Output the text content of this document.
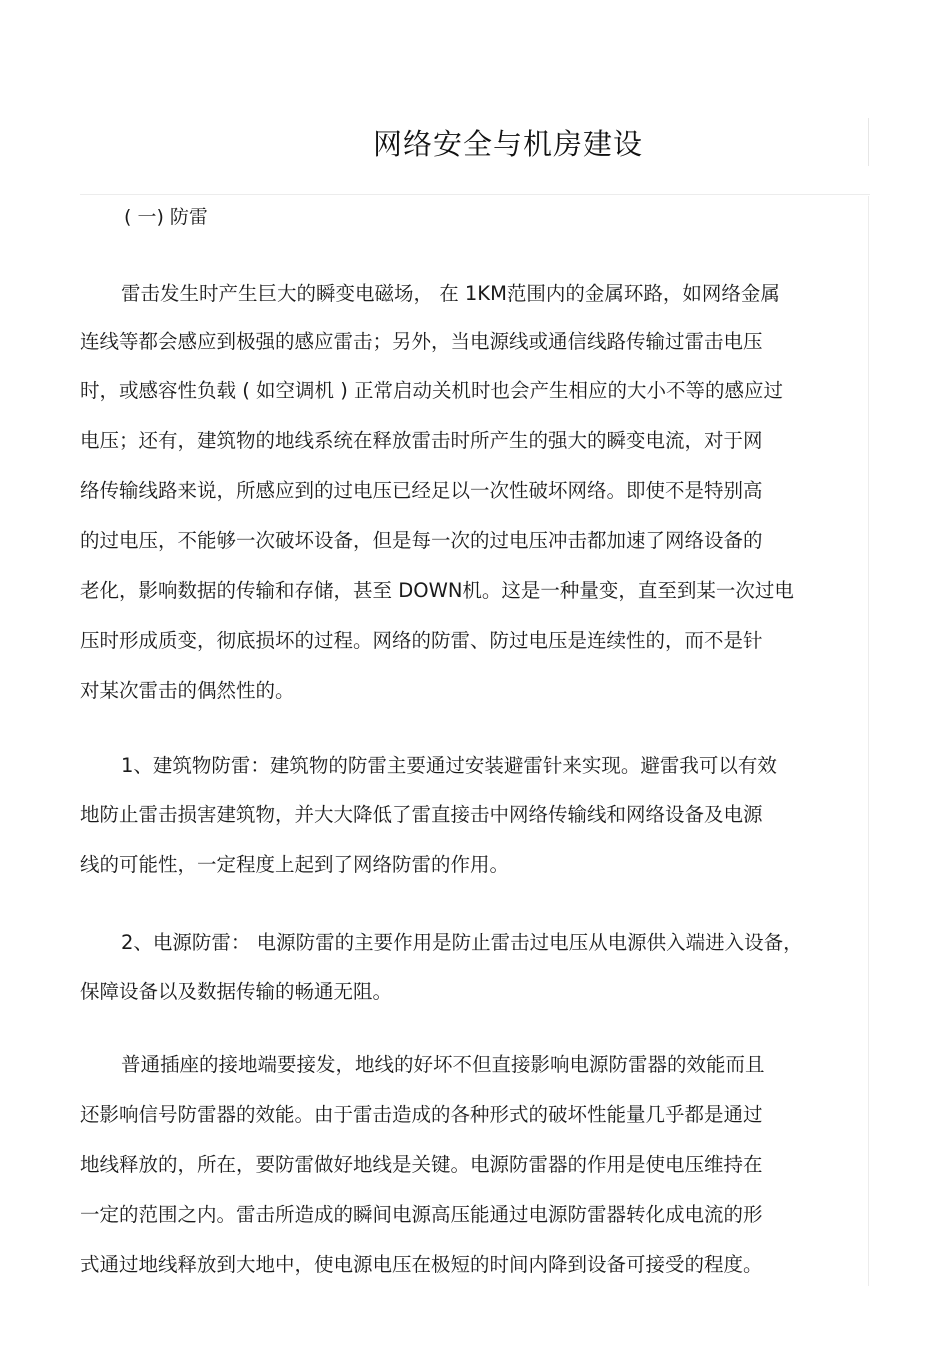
网络安全与机房建设
( 一) 防雷
雷击发生时产生巨大的瞬变电磁场， 在 1KM范围内的金属环路，如网络金属
连线等都会感应到极强的感应雷击；另外，当电源线或通信线路传输过雷击电压
时，或感容性负载 ( 如空调机 ) 正常启动关机时也会产生相应的大小不等的感应过
电压；还有，建筑物的地线系统在释放雷击时所产生的强大的瞬变电流，对于网
络传输线路来说，所感应到的过电压已经足以一次性破坏网络。即使不是特别高
的过电压，不能够一次破坏设备，但是每一次的过电压冲击都加速了网络设备的
老化，影响数据的传输和存储，甚至 DOWN机。这是一种量变，直至到某一次过电
压时形成质变，彻底损坏的过程。网络的防雷、防过电压是连续性的，而不是针
对某次雷击的偶然性的。
1、建筑物防雷：建筑物的防雷主要通过安装避雷针来实现。避雷我可以有效
地防止雷击损害建筑物，并大大降低了雷直接击中网络传输线和网络设备及电源
线的可能性，一定程度上起到了网络防雷的作用。
2、电源防雷： 电源防雷的主要作用是防止雷击过电压从电源供入端进入设备，
保障设备以及数据传输的畅通无阻。
普通插座的接地端要接发，地线的好坏不但直接影响电源防雷器的效能而且
还影响信号防雷器的效能。由于雷击造成的各种形式的破坏性能量几乎都是通过
地线释放的，所在，要防雷做好地线是关键。电源防雷器的作用是使电压维持在
一定的范围之内。雷击所造成的瞬间电源高压能通过电源防雷器转化成电流的形
式通过地线释放到大地中，使电源电压在极短的时间内降到设备可接受的程度。
